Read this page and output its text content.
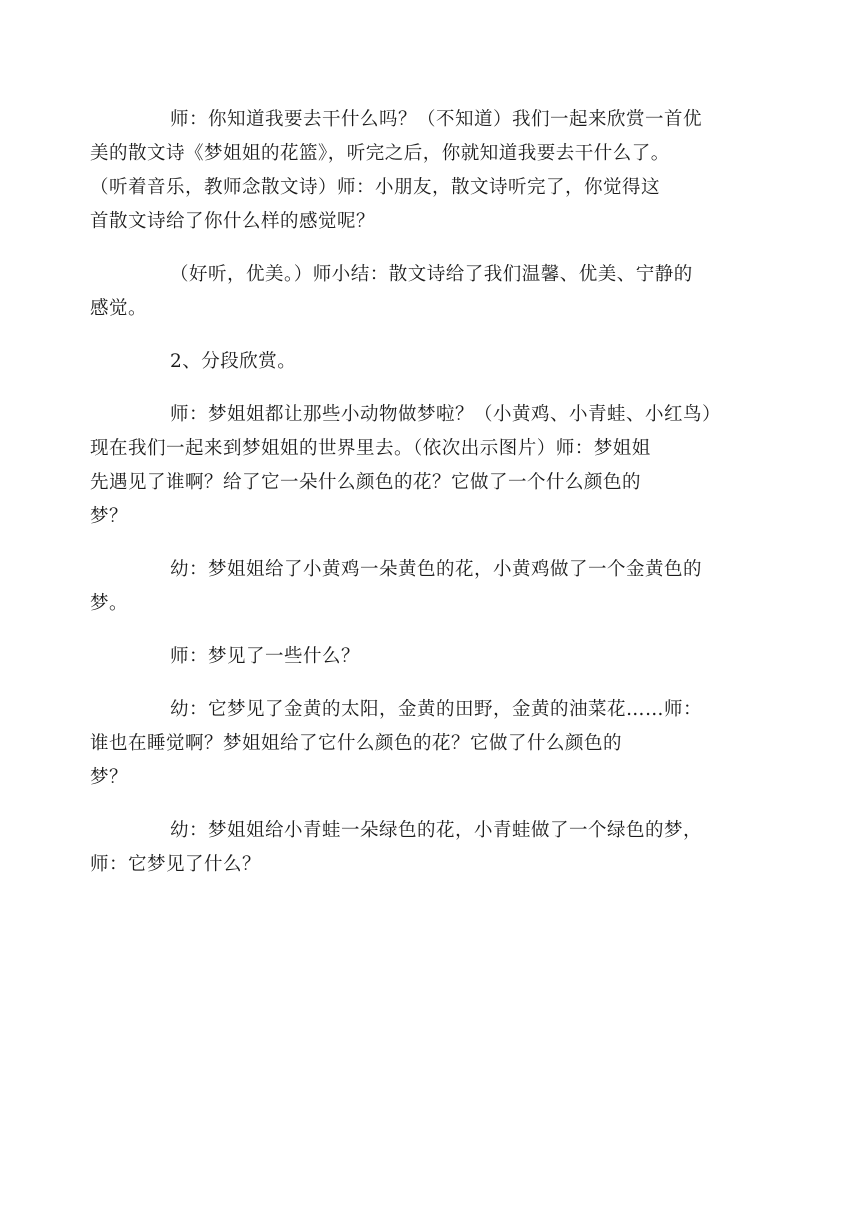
师：你知道我要去干什么吗？（不知道）我们一起来欣赏一首优
美的散文诗《梦姐姐的花篮》，听完之后，你就知道我要去干什么了。
（听着音乐，教师念散文诗）师：小朋友，散文诗听完了，你觉得这
首散文诗给了你什么样的感觉呢？

（好听，优美。）师小结：散文诗给了我们温馨、优美、宁静的
感觉。

2、分段欣赏。

师：梦姐姐都让那些小动物做梦啦？（小黄鸡、小青蛙、小红鸟）
现在我们一起来到梦姐姐的世界里去。（依次出示图片）师：梦姐姐
先遇见了谁啊？给了它一朵什么颜色的花？它做了一个什么颜色的
梦？

幼：梦姐姐给了小黄鸡一朵黄色的花，小黄鸡做了一个金黄色的
梦。

师：梦见了一些什么？

幼：它梦见了金黄的太阳，金黄的田野，金黄的油菜花……师：
谁也在睡觉啊？梦姐姐给了它什么颜色的花？它做了什么颜色的
梦？

幼：梦姐姐给小青蛙一朵绿色的花，小青蛙做了一个绿色的梦，
师：它梦见了什么？
